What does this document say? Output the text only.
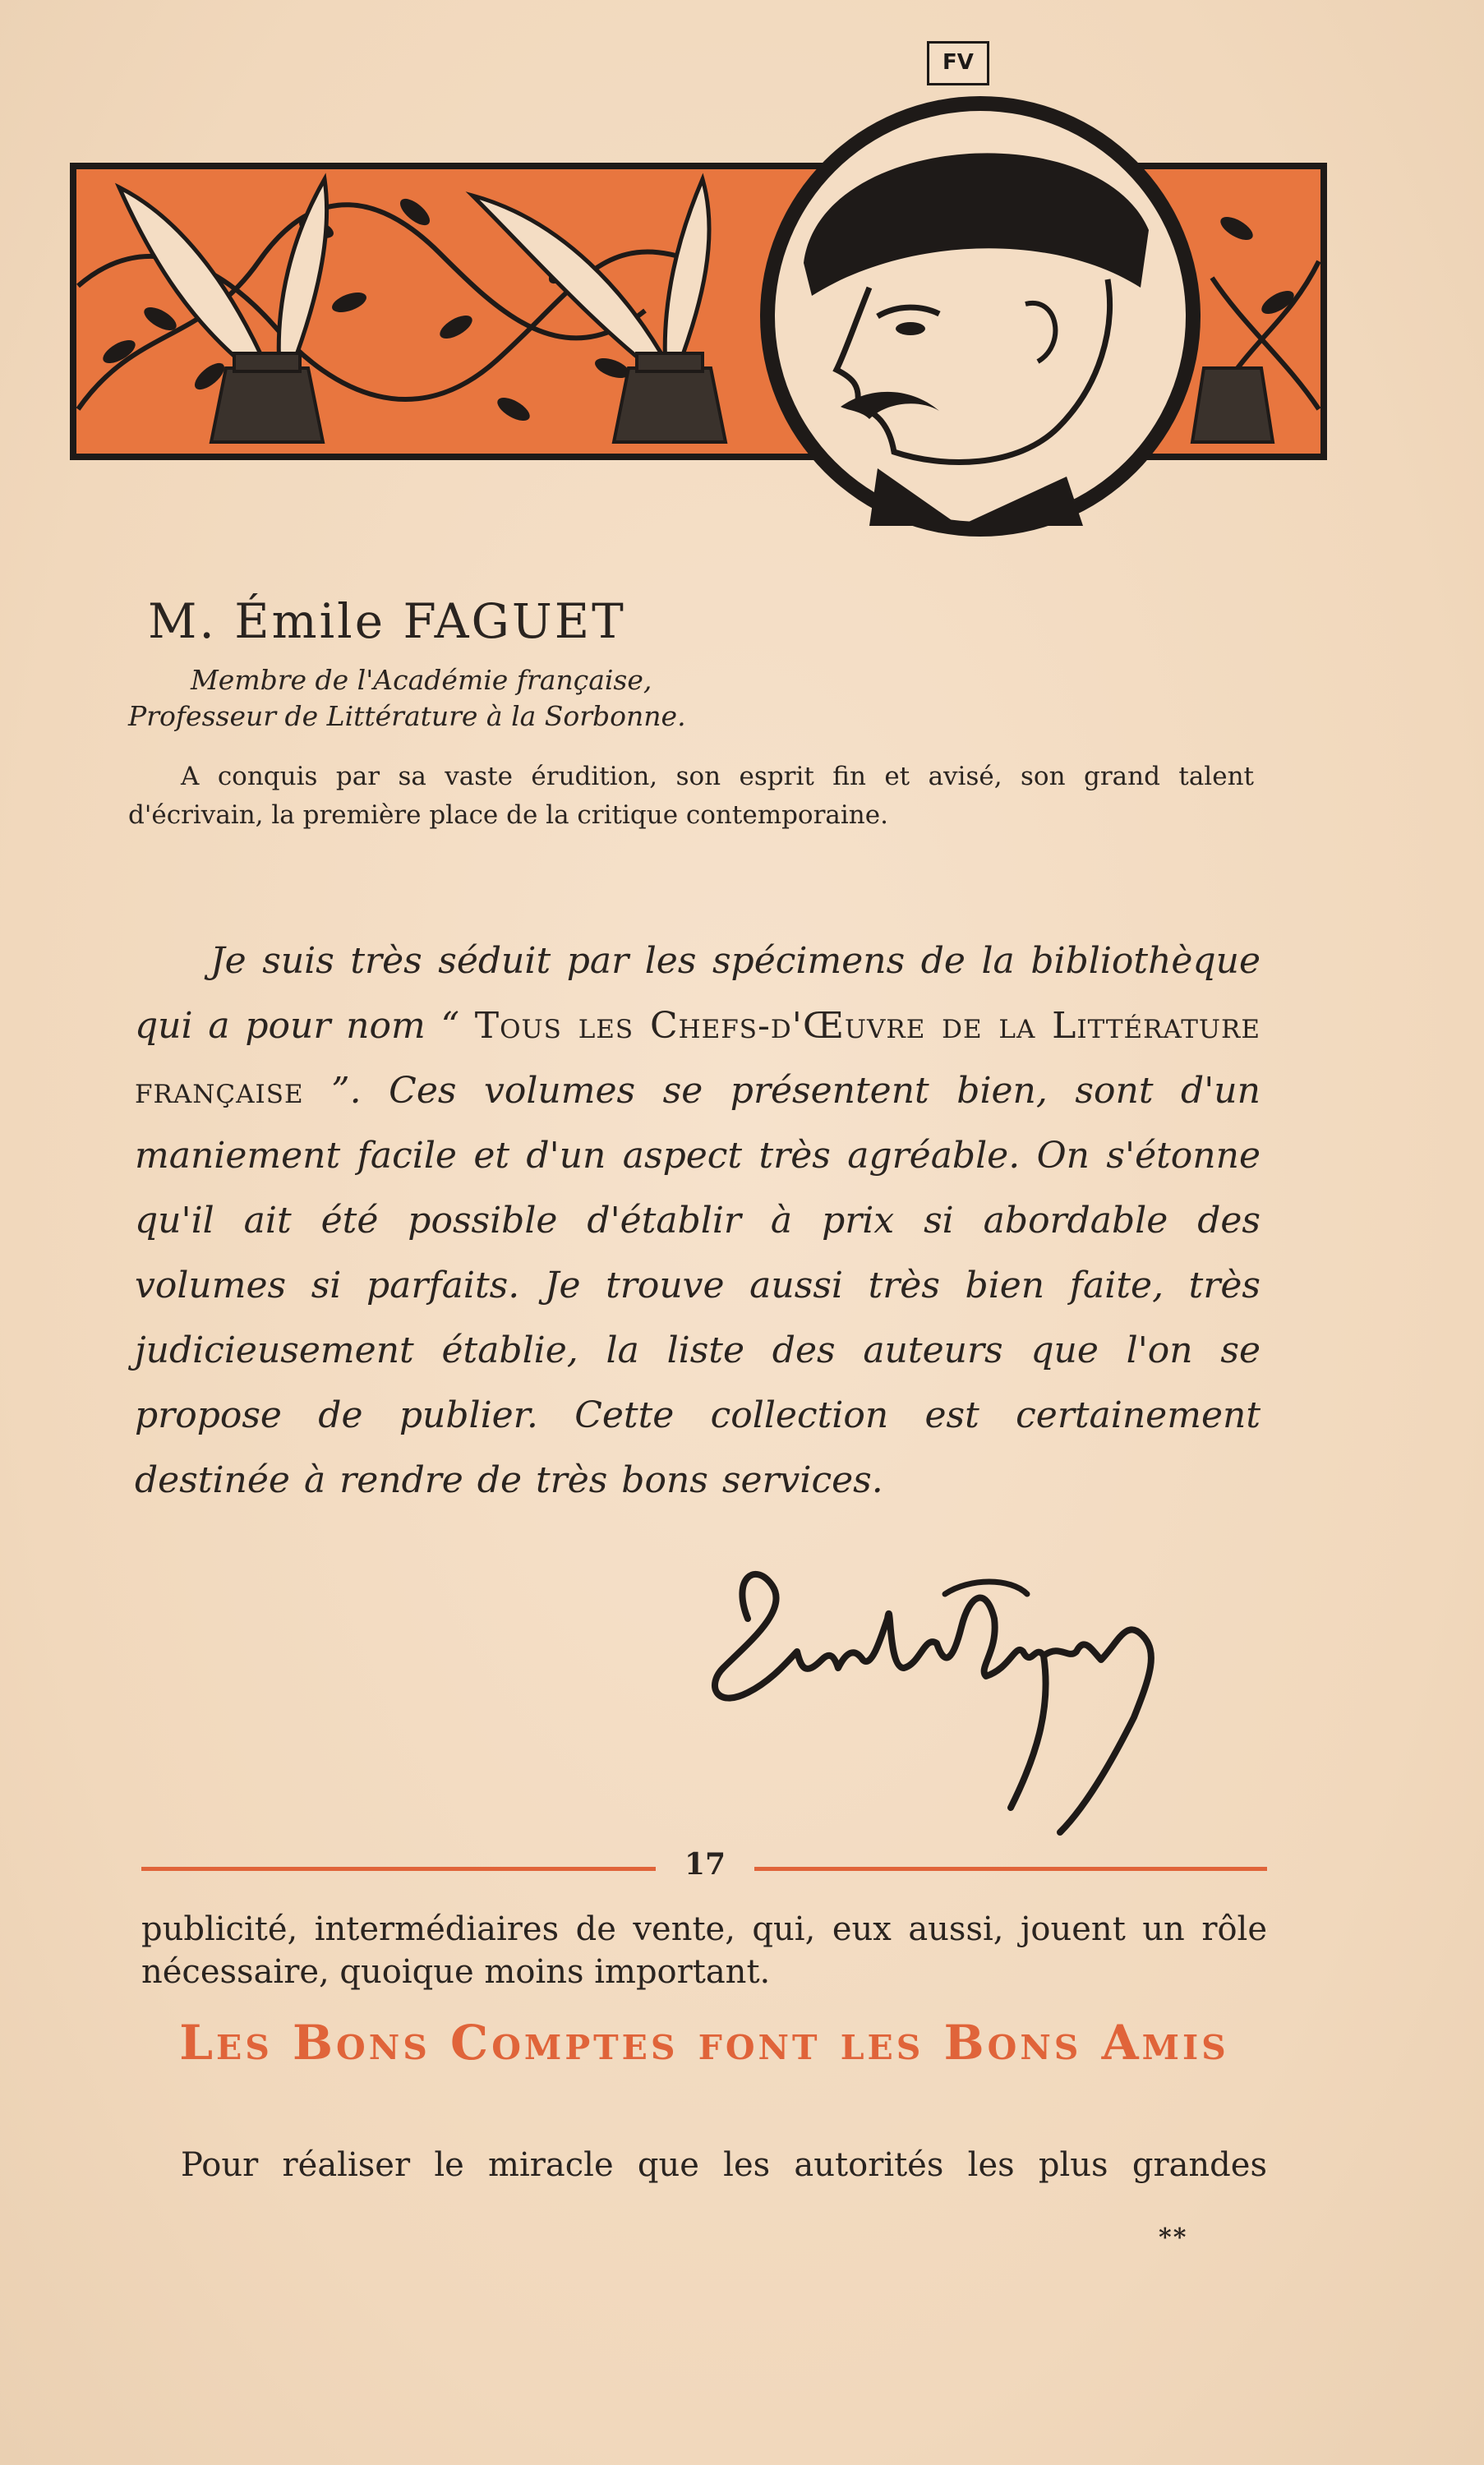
FV
M. Émile FAGUET
Membre de l'Académie française,
Professeur de Littérature à la Sorbonne.
A conquis par sa vaste érudition, son esprit fin et avisé, son grand talent d'écrivain, la première place de la critique contemporaine.
Je suis très séduit par les spécimens de la bibliothèque qui a pour nom “ Tous les Chefs-d'Œuvre de la Littérature française ”. Ces volumes se présentent bien, sont d'un maniement facile et d'un aspect très agréable. On s'étonne qu'il ait été possible d'établir à prix si abordable des volumes si parfaits. Je trouve aussi très bien faite, très judicieusement établie, la liste des auteurs que l'on se propose de publier. Cette collection est certainement destinée à rendre de très bons services.
17
publicité, intermédiaires de vente, qui, eux aussi, jouent un rôle nécessaire, quoique moins important.
Les Bons Comptes font les Bons Amis
Pour réaliser le miracle que les autorités les plus grandes
**
